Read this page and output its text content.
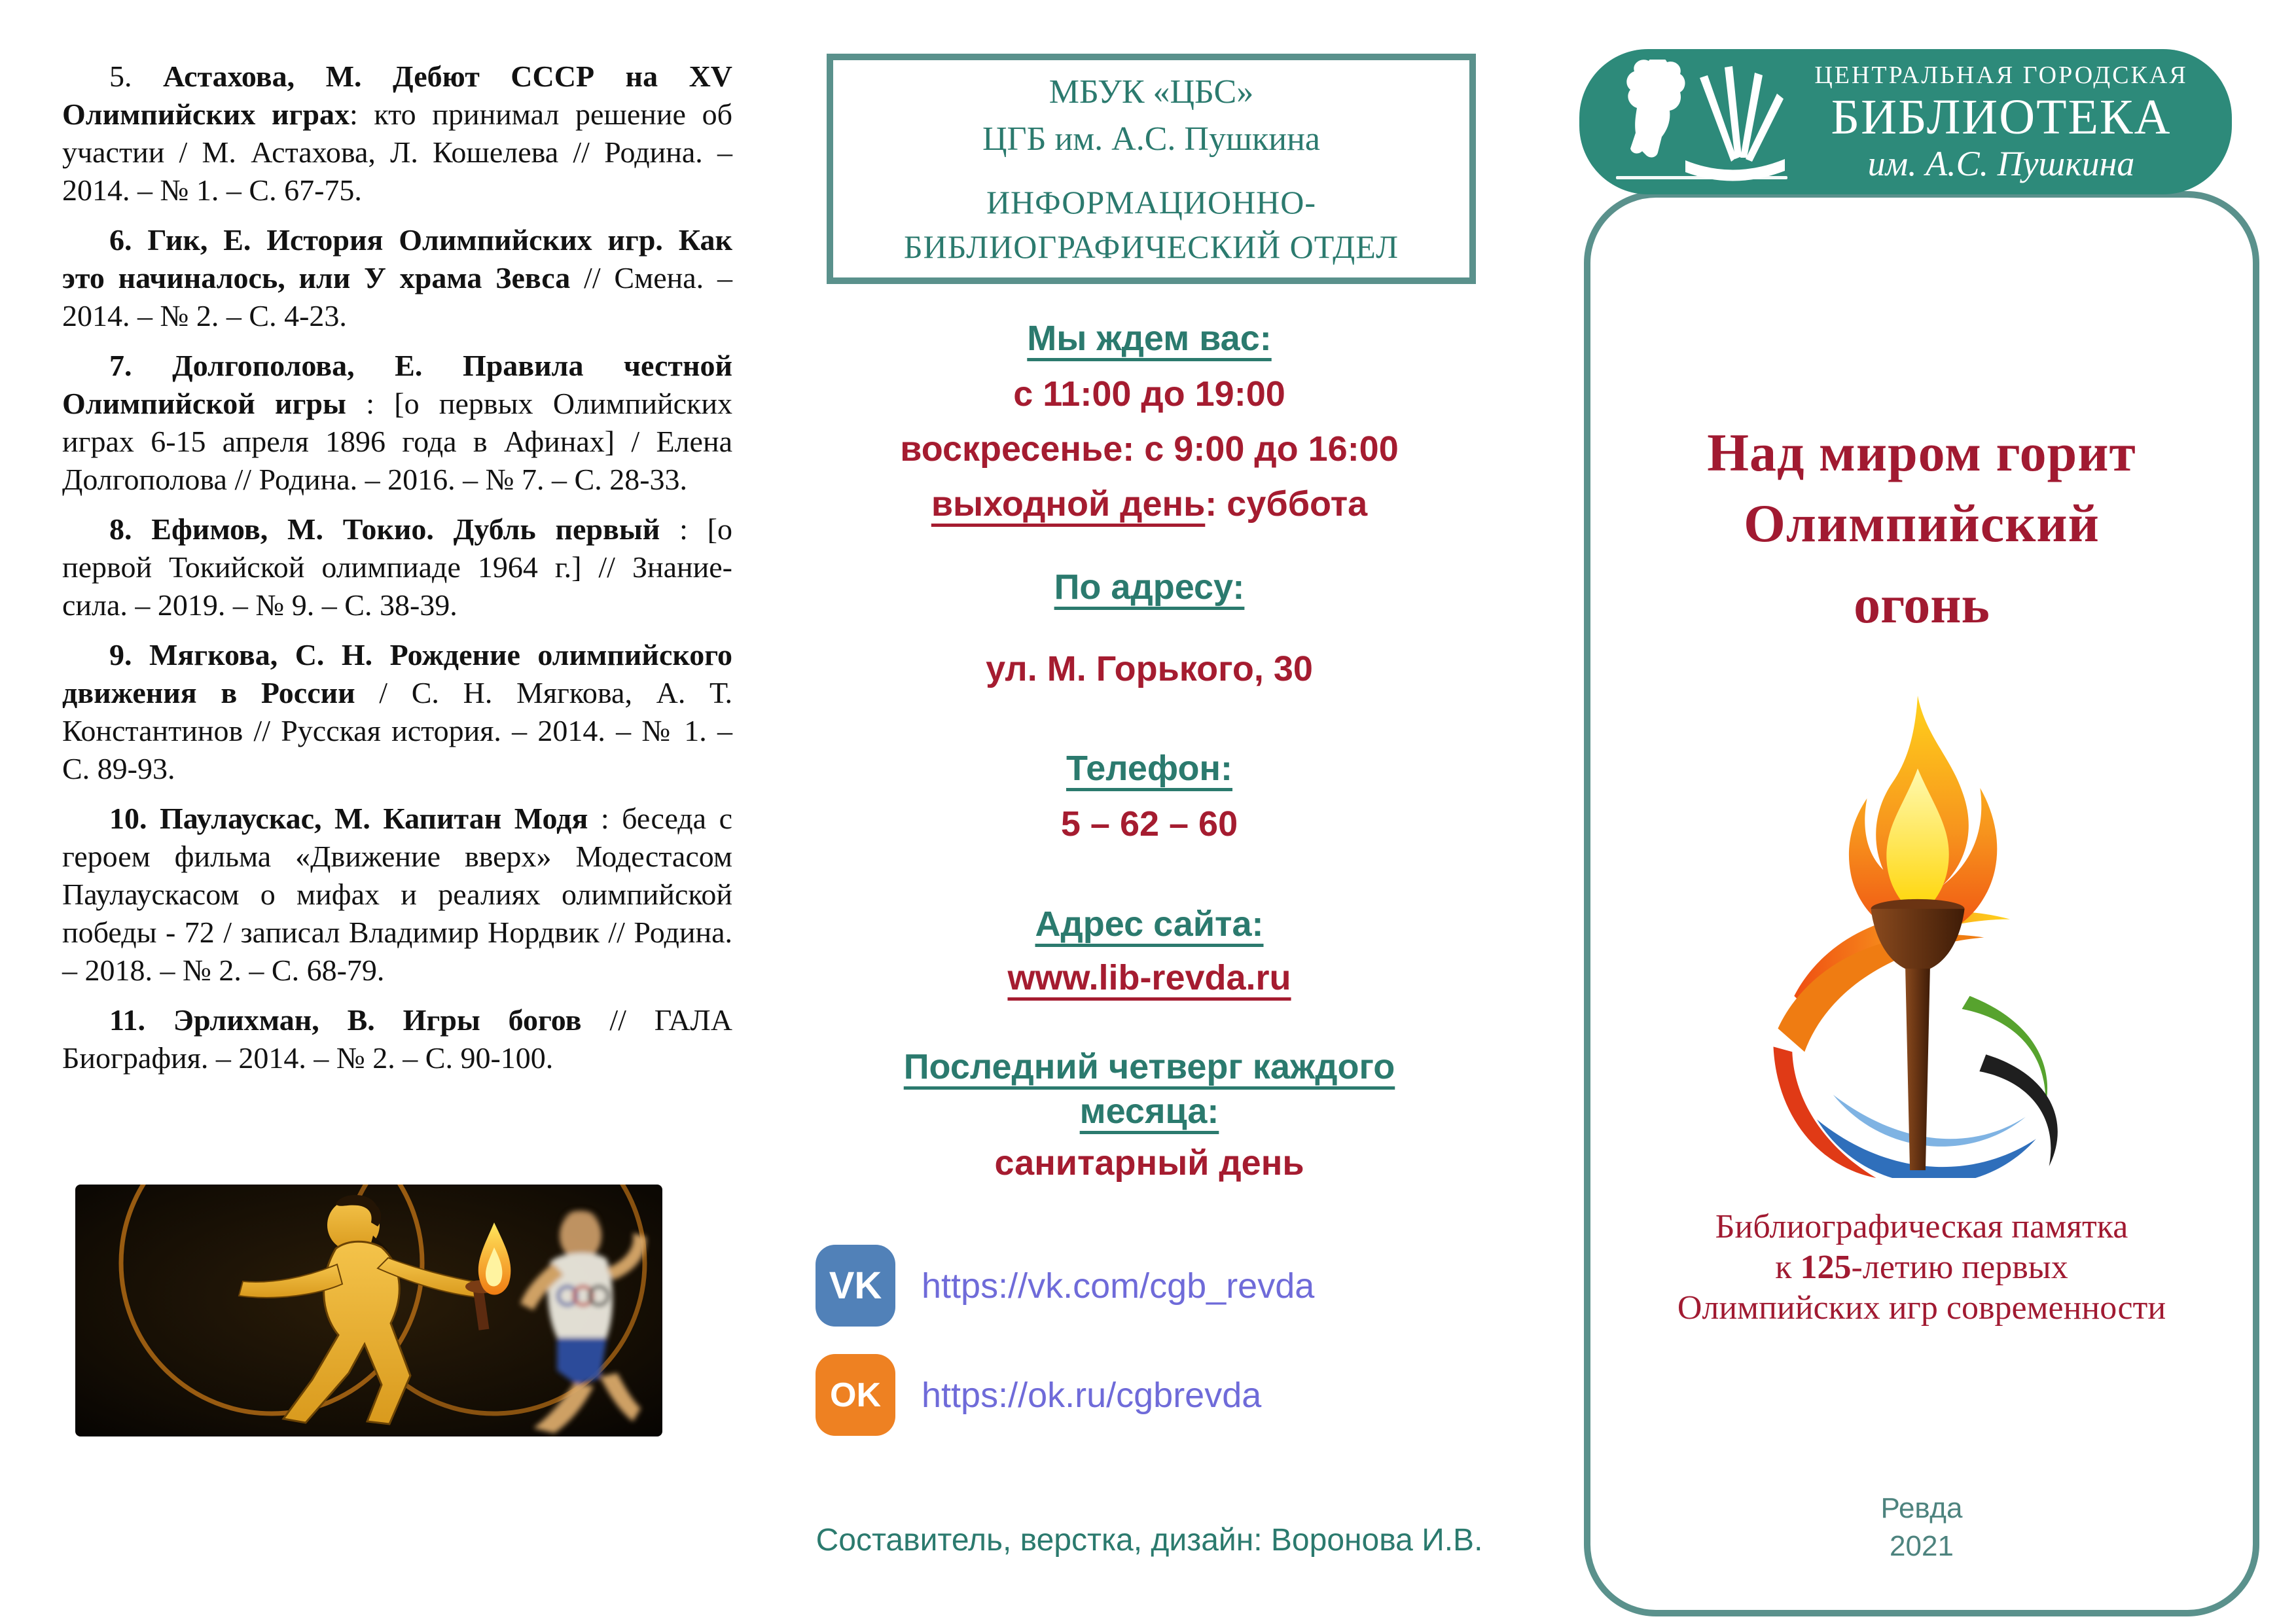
5. Астахова, М. Дебют СССР на XV Олимпийских играх: кто принимал решение об участии / М. Астахова, Л. Кошелева // Родина. – 2014. – № 1. – С. 67-75.

6. Гик, Е. История Олимпийских игр. Как это начиналось, или У храма Зевса // Смена. – 2014. – № 2. – С. 4-23.

7. Долгополова, Е. Правила честной Олимпийской игры : [о первых Олимпийских играх 6-15 апреля 1896 года в Афинах] / Елена Долгополова // Родина. – 2016. – № 7. – С. 28-33.

8. Ефимов, М. Токио. Дубль первый : [о первой Токийской олимпиаде 1964 г.] // Знание-сила. – 2019. – № 9. – С. 38-39.

9. Мягкова, С. Н. Рождение олимпийского движения в России / С. Н. Мягкова, А. Т. Константинов // Русская история. – 2014. – № 1. – С. 89-93.

10. Паулаускас, М. Капитан Модя : беседа с героем фильма «Движение вверх» Модестасом Паулаускасом о мифах и реалиях олимпийской победы - 72 / записал Владимир Нордвик // Родина. – 2018. – № 2. – С. 68-79.

11. Эрлихман, В. Игры богов // ГАЛА Биография. – 2014. – № 2. – С. 90-100.

МБУК «ЦБС»
ЦГБ им. А.С. Пушкина
ИНФОРМАЦИОННО-
БИБЛИОГРАФИЧЕСКИЙ ОТДЕЛ
Мы ждем вас:
с 11:00 до 19:00
воскресенье: с 9:00 до 16:00
выходной день: суббота
По адресу:
ул. М. Горького, 30
Телефон:
5 – 62 – 60
Адрес сайта:
www.lib-revda.ru
Последний четверг каждого
месяца:
санитарный день
VK https://vk.com/cgb_revda
OK https://ok.ru/cgbrevda
Составитель, верстка, дизайн: Воронова И.В.
ЦЕНТРАЛЬНАЯ ГОРОДСКАЯ
БИБЛИОТЕКА
им. А.С. Пушкина
Над миром горит
Олимпийский
огонь
Библиографическая памятка
к 125-летию первых
Олимпийских игр современности
Ревда
2021
